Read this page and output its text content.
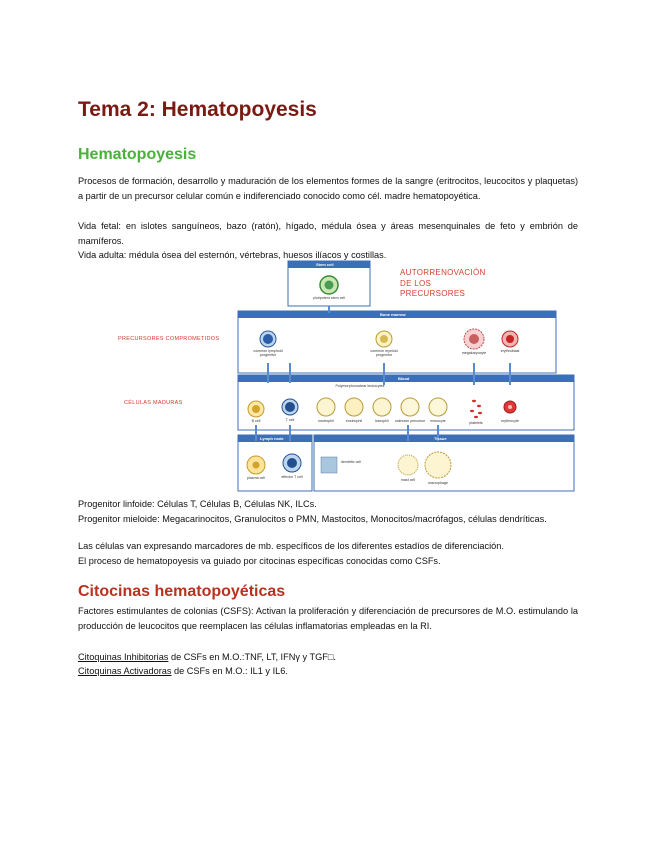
Tema 2: Hematopoyesis
Hematopoyesis

Procesos de formación, desarrollo y maduración de los elementos formes de la sangre (eritrocitos, leucocitos y plaquetas) a partir de un precursor celular común e indiferenciado conocido como cél. madre hematopoyética.

Vida fetal: en islotes sanguíneos, bazo (ratón), hígado, médula ósea y áreas mesenquinales de feto y embrión de mamíferos.

Vida adulta: médula ósea del esternón, vértebras, huesos ilíacos y costillas.

AUTORRENOVACIÓN
DE LOS
PRECURSORES
PRECURSORES COMPROMETIDOS
CÉLULAS MADURAS
Stem cell
Bone marrow
Blood
Lymph node	Tissue
pluripotent stem cell
common lymphoid progenitor
common myeloid progenitor	megakaryocyte	erythroblast
B cell	T cell
Polymorphonuclear leukocytes
neutrophil	eosinophil	basophil	unknown precursor	monocyte	platelets	erythrocyte
plasma cell	effector T cell
dendritic cell
mast cell
macrophage

Progenitor linfoide: Células T, Células B, Células NK, ILCs.

Progenitor mieloide: Megacarinocitos, Granulocitos o PMN, Mastocitos, Monocitos/macrófagos, células dendríticas.

Las células van expresando marcadores de mb. específicos de los diferentes estadíos de diferenciación.

El proceso de hematopoyesis va guiado por citocinas específicas conocidas como CSFs.

Citocinas hematopoyéticas

Factores estimulantes de colonias (CSFS): Activan la proliferación y diferenciación de precursores de M.O. estimulando la producción de leucocitos que reemplacen las células inflamatorias empleadas en la RI.

Citoquinas Inhibitorias de CSFs en M.O.:TNF, LT, IFNγ y TGF□.

Citoquinas Activadoras de CSFs en M.O.: IL1 y IL6.
